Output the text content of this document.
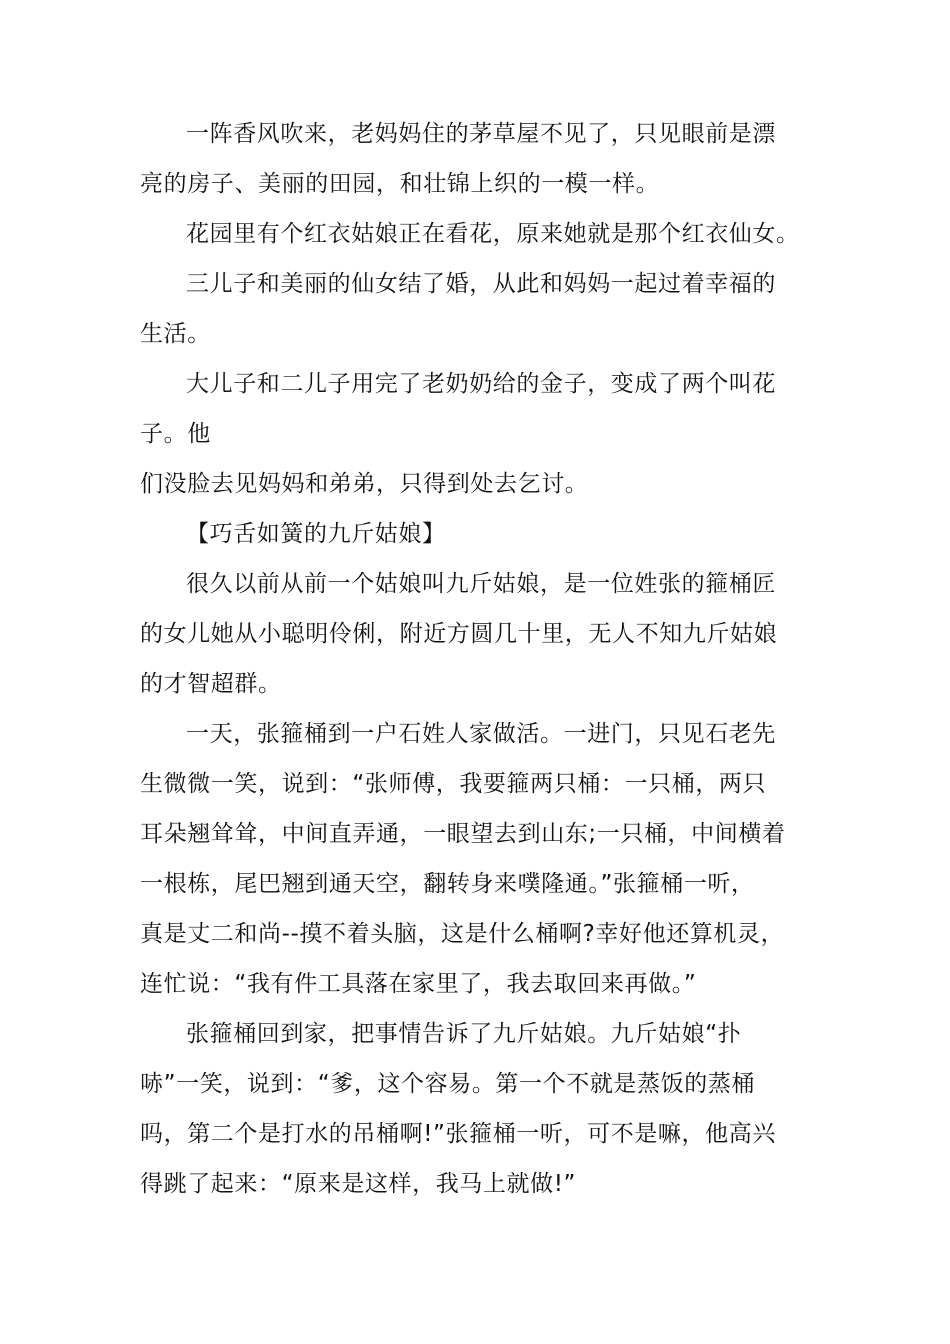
一阵香风吹来，老妈妈住的茅草屋不见了，只见眼前是漂
亮的房子、美丽的田园，和壮锦上织的一模一样。
花园里有个红衣姑娘正在看花，原来她就是那个红衣仙女。
三儿子和美丽的仙女结了婚，从此和妈妈一起过着幸福的
生活。
大儿子和二儿子用完了老奶奶给的金子，变成了两个叫花
子。他
们没脸去见妈妈和弟弟，只得到处去乞讨。
【巧舌如簧的九斤姑娘】
很久以前从前一个姑娘叫九斤姑娘，是一位姓张的箍桶匠
的女儿她从小聪明伶俐，附近方圆几十里，无人不知九斤姑娘
的才智超群。
一天，张箍桶到一户石姓人家做活。一进门，只见石老先
生微微一笑，说到：“张师傅，我要箍两只桶：一只桶，两只
耳朵翘耸耸，中间直弄通，一眼望去到山东;一只桶，中间横着
一根栋，尾巴翘到通天空，翻转身来噗隆通。”张箍桶一听，
真是丈二和尚--摸不着头脑，这是什么桶啊?幸好他还算机灵，
连忙说：“我有件工具落在家里了，我去取回来再做。”
张箍桶回到家，把事情告诉了九斤姑娘。九斤姑娘“扑
哧”一笑，说到：“爹，这个容易。第一个不就是蒸饭的蒸桶
吗，第二个是打水的吊桶啊!”张箍桶一听，可不是嘛，他高兴
得跳了起来：“原来是这样，我马上就做!”
